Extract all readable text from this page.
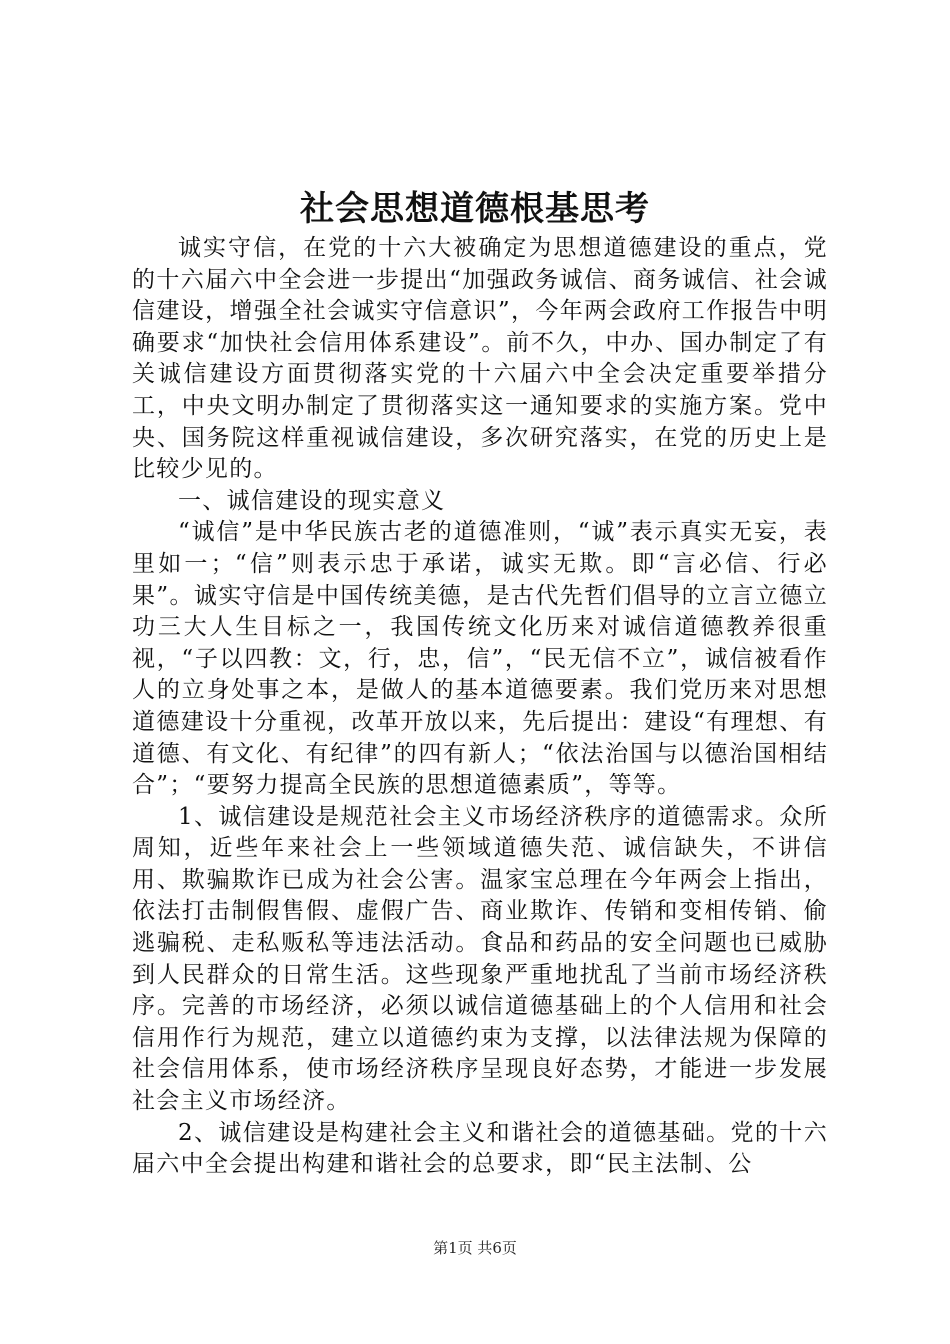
社会思想道德根基思考

诚实守信，在党的十六大被确定为思想道德建设的重点，党的十六届六中全会进一步提出“加强政务诚信、商务诚信、社会诚信建设，增强全社会诚实守信意识”，今年两会政府工作报告中明确要求“加快社会信用体系建设”。前不久，中办、国办制定了有关诚信建设方面贯彻落实党的十六届六中全会决定重要举措分工，中央文明办制定了贯彻落实这一通知要求的实施方案。党中央、国务院这样重视诚信建设，多次研究落实，在党的历史上是比较少见的。

一、诚信建设的现实意义

“诚信”是中华民族古老的道德准则，“诚”表示真实无妄，表里如一；“信”则表示忠于承诺，诚实无欺。即“言必信、行必果”。诚实守信是中国传统美德，是古代先哲们倡导的立言立德立功三大人生目标之一，我国传统文化历来对诚信道德教养很重视，“子以四教：文，行，忠，信”，“民无信不立”，诚信被看作人的立身处事之本，是做人的基本道德要素。我们党历来对思想道德建设十分重视，改革开放以来，先后提出：建设“有理想、有道德、有文化、有纪律”的四有新人；“依法治国与以德治国相结合”；“要努力提高全民族的思想道德素质”，等等。

1、诚信建设是规范社会主义市场经济秩序的道德需求。众所周知，近些年来社会上一些领域道德失范、诚信缺失，不讲信用、欺骗欺诈已成为社会公害。温家宝总理在今年两会上指出，依法打击制假售假、虚假广告、商业欺诈、传销和变相传销、偷逃骗税、走私贩私等违法活动。食品和药品的安全问题也已威胁到人民群众的日常生活。这些现象严重地扰乱了当前市场经济秩序。完善的市场经济，必须以诚信道德基础上的个人信用和社会信用作行为规范，建立以道德约束为支撑，以法律法规为保障的社会信用体系，使市场经济秩序呈现良好态势，才能进一步发展社会主义市场经济。

2、诚信建设是构建社会主义和谐社会的道德基础。党的十六届六中全会提出构建和谐社会的总要求，即“民主法制、公

第1页 共6页
